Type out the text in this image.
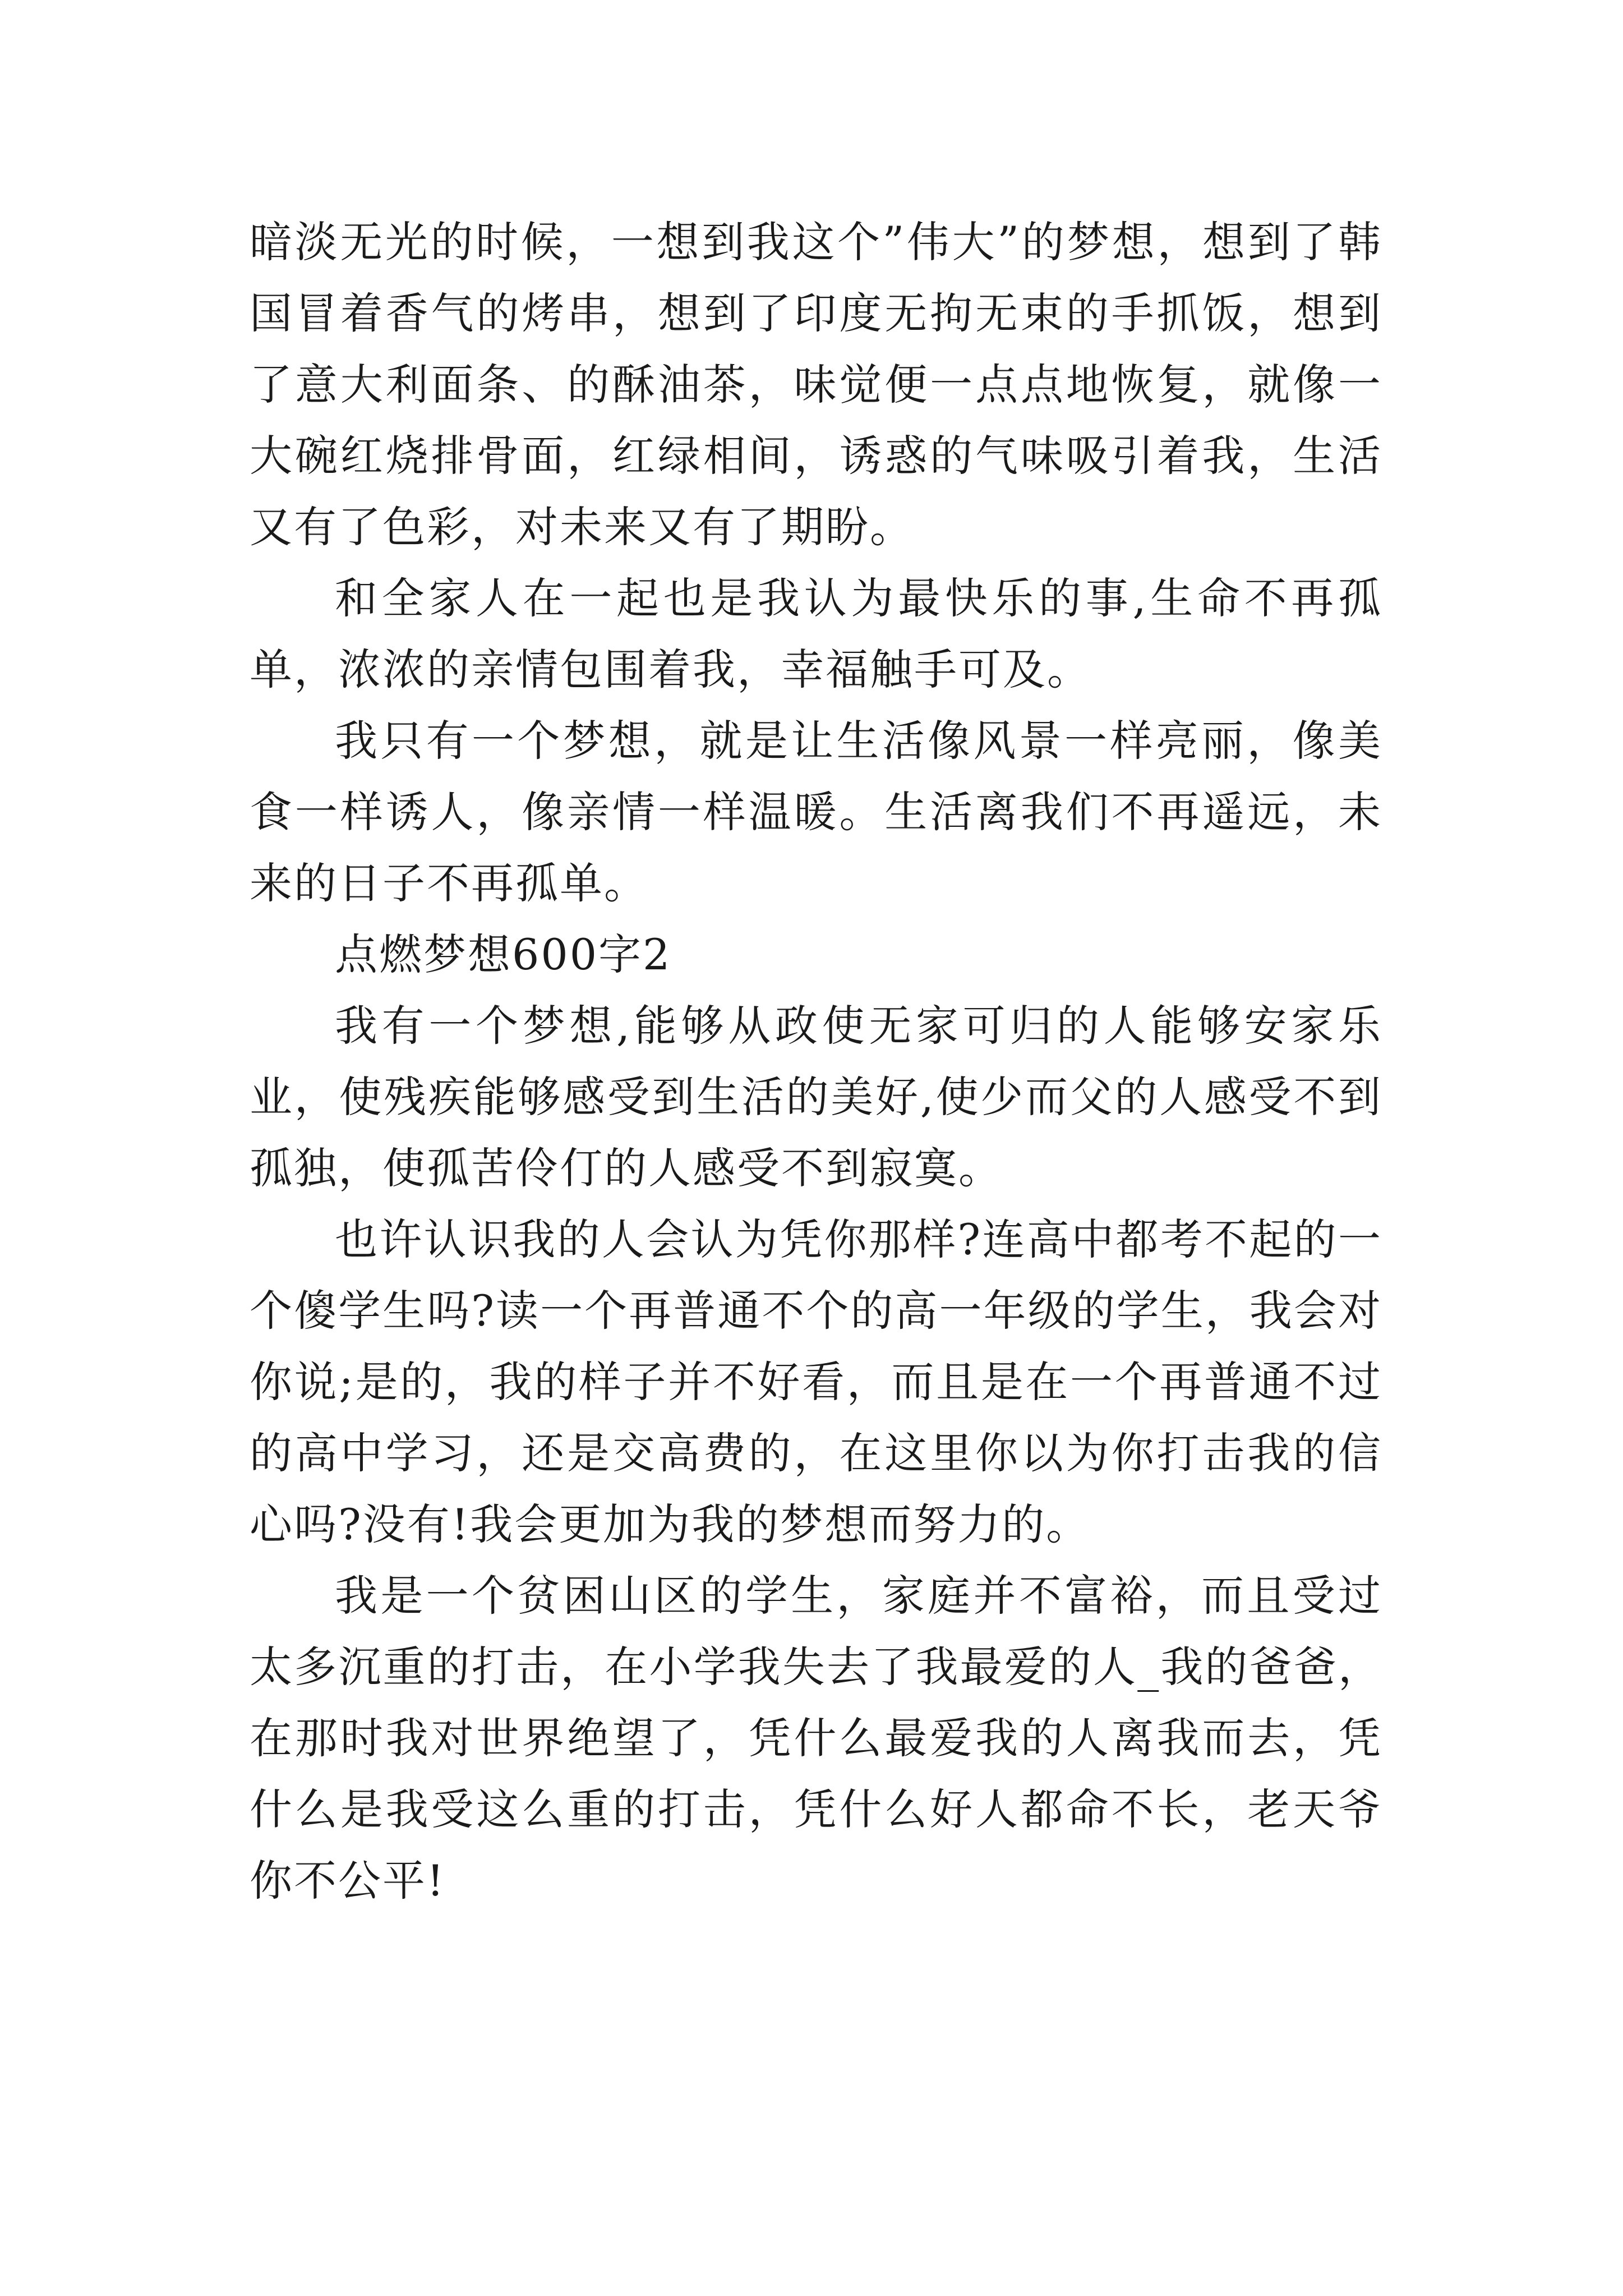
暗淡无光的时候，一想到我这个”伟大”的梦想，想到了韩国冒着香气的烤串，想到了印度无拘无束的手抓饭，想到了意大利面条、的酥油茶，味觉便一点点地恢复，就像一大碗红烧排骨面，红绿相间，诱惑的气味吸引着我，生活又有了色彩，对未来又有了期盼。

和全家人在一起也是我认为最快乐的事,生命不再孤单，浓浓的亲情包围着我，幸福触手可及。

我只有一个梦想，就是让生活像风景一样亮丽，像美食一样诱人，像亲情一样温暖。生活离我们不再遥远，未来的日子不再孤单。

点燃梦想600字2

我有一个梦想,能够从政使无家可归的人能够安家乐业，使残疾能够感受到生活的美好,使少而父的人感受不到孤独，使孤苦伶仃的人感受不到寂寞。

也许认识我的人会认为凭你那样?连高中都考不起的一个傻学生吗?读一个再普通不个的高一年级的学生，我会对你说;是的，我的样子并不好看，而且是在一个再普通不过的高中学习，还是交高费的，在这里你以为你打击我的信心吗?没有!我会更加为我的梦想而努力的。

我是一个贫困山区的学生，家庭并不富裕，而且受过太多沉重的打击，在小学我失去了我最爱的人_我的爸爸，在那时我对世界绝望了，凭什么最爱我的人离我而去，凭什么是我受这么重的打击，凭什么好人都命不长，老天爷你不公平!
